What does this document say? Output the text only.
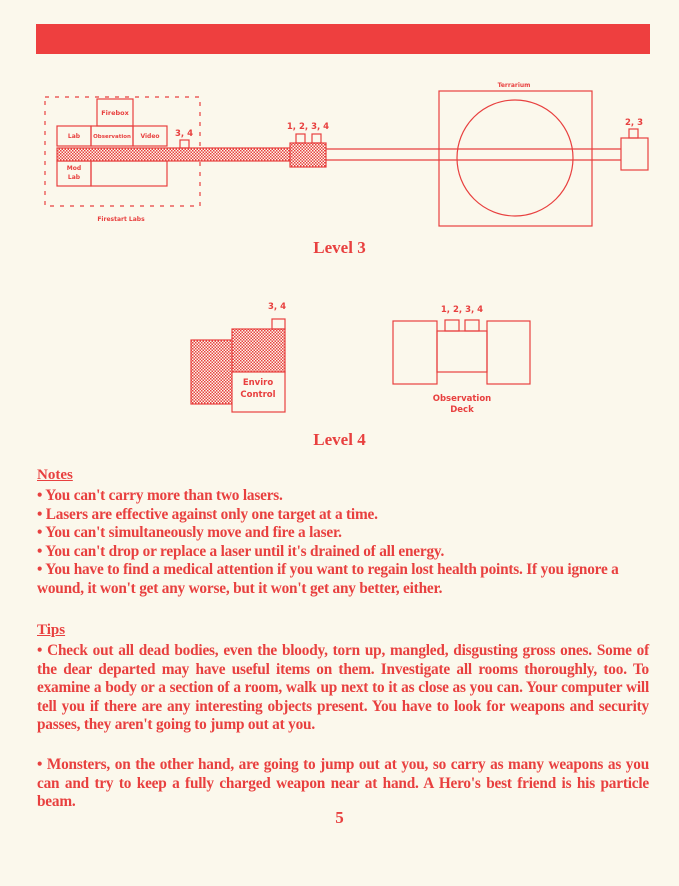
Firebox
Lab Observation Video
Mod
Lab
Terrarium
Firestart Labs
3, 4
1, 2, 3, 4	2, 3
3, 4	1, 2, 3, 4
Enviro
Control	Observation
Deck
Level 3
Level 4
Notes

• You can't carry more than two lasers.

• Lasers are effective against only one target at a time.

• You can't simultaneously move and fire a laser.

• You can't drop or replace a laser until it's drained of all energy.

• You have to find a medical attention if you want to regain lost health points. If you ignore a wound, it won't get any worse, but it won't get any better, either.

Tips
• Check out all dead bodies, even the bloody, torn up, mangled, disgusting gross ones. Some of the dear departed may have useful items on them. Investigate all rooms thoroughly, too. To examine a body or a section of a room, walk up next to it as close as you can. Your computer will tell you if there are any interesting objects present. You have to look for weapons and security passes, they aren't going to jump out at you.
• Monsters, on the other hand, are going to jump out at you, so carry as many weapons as you can and try to keep a fully charged weapon near at hand. A Hero's best friend is his particle beam.
5
